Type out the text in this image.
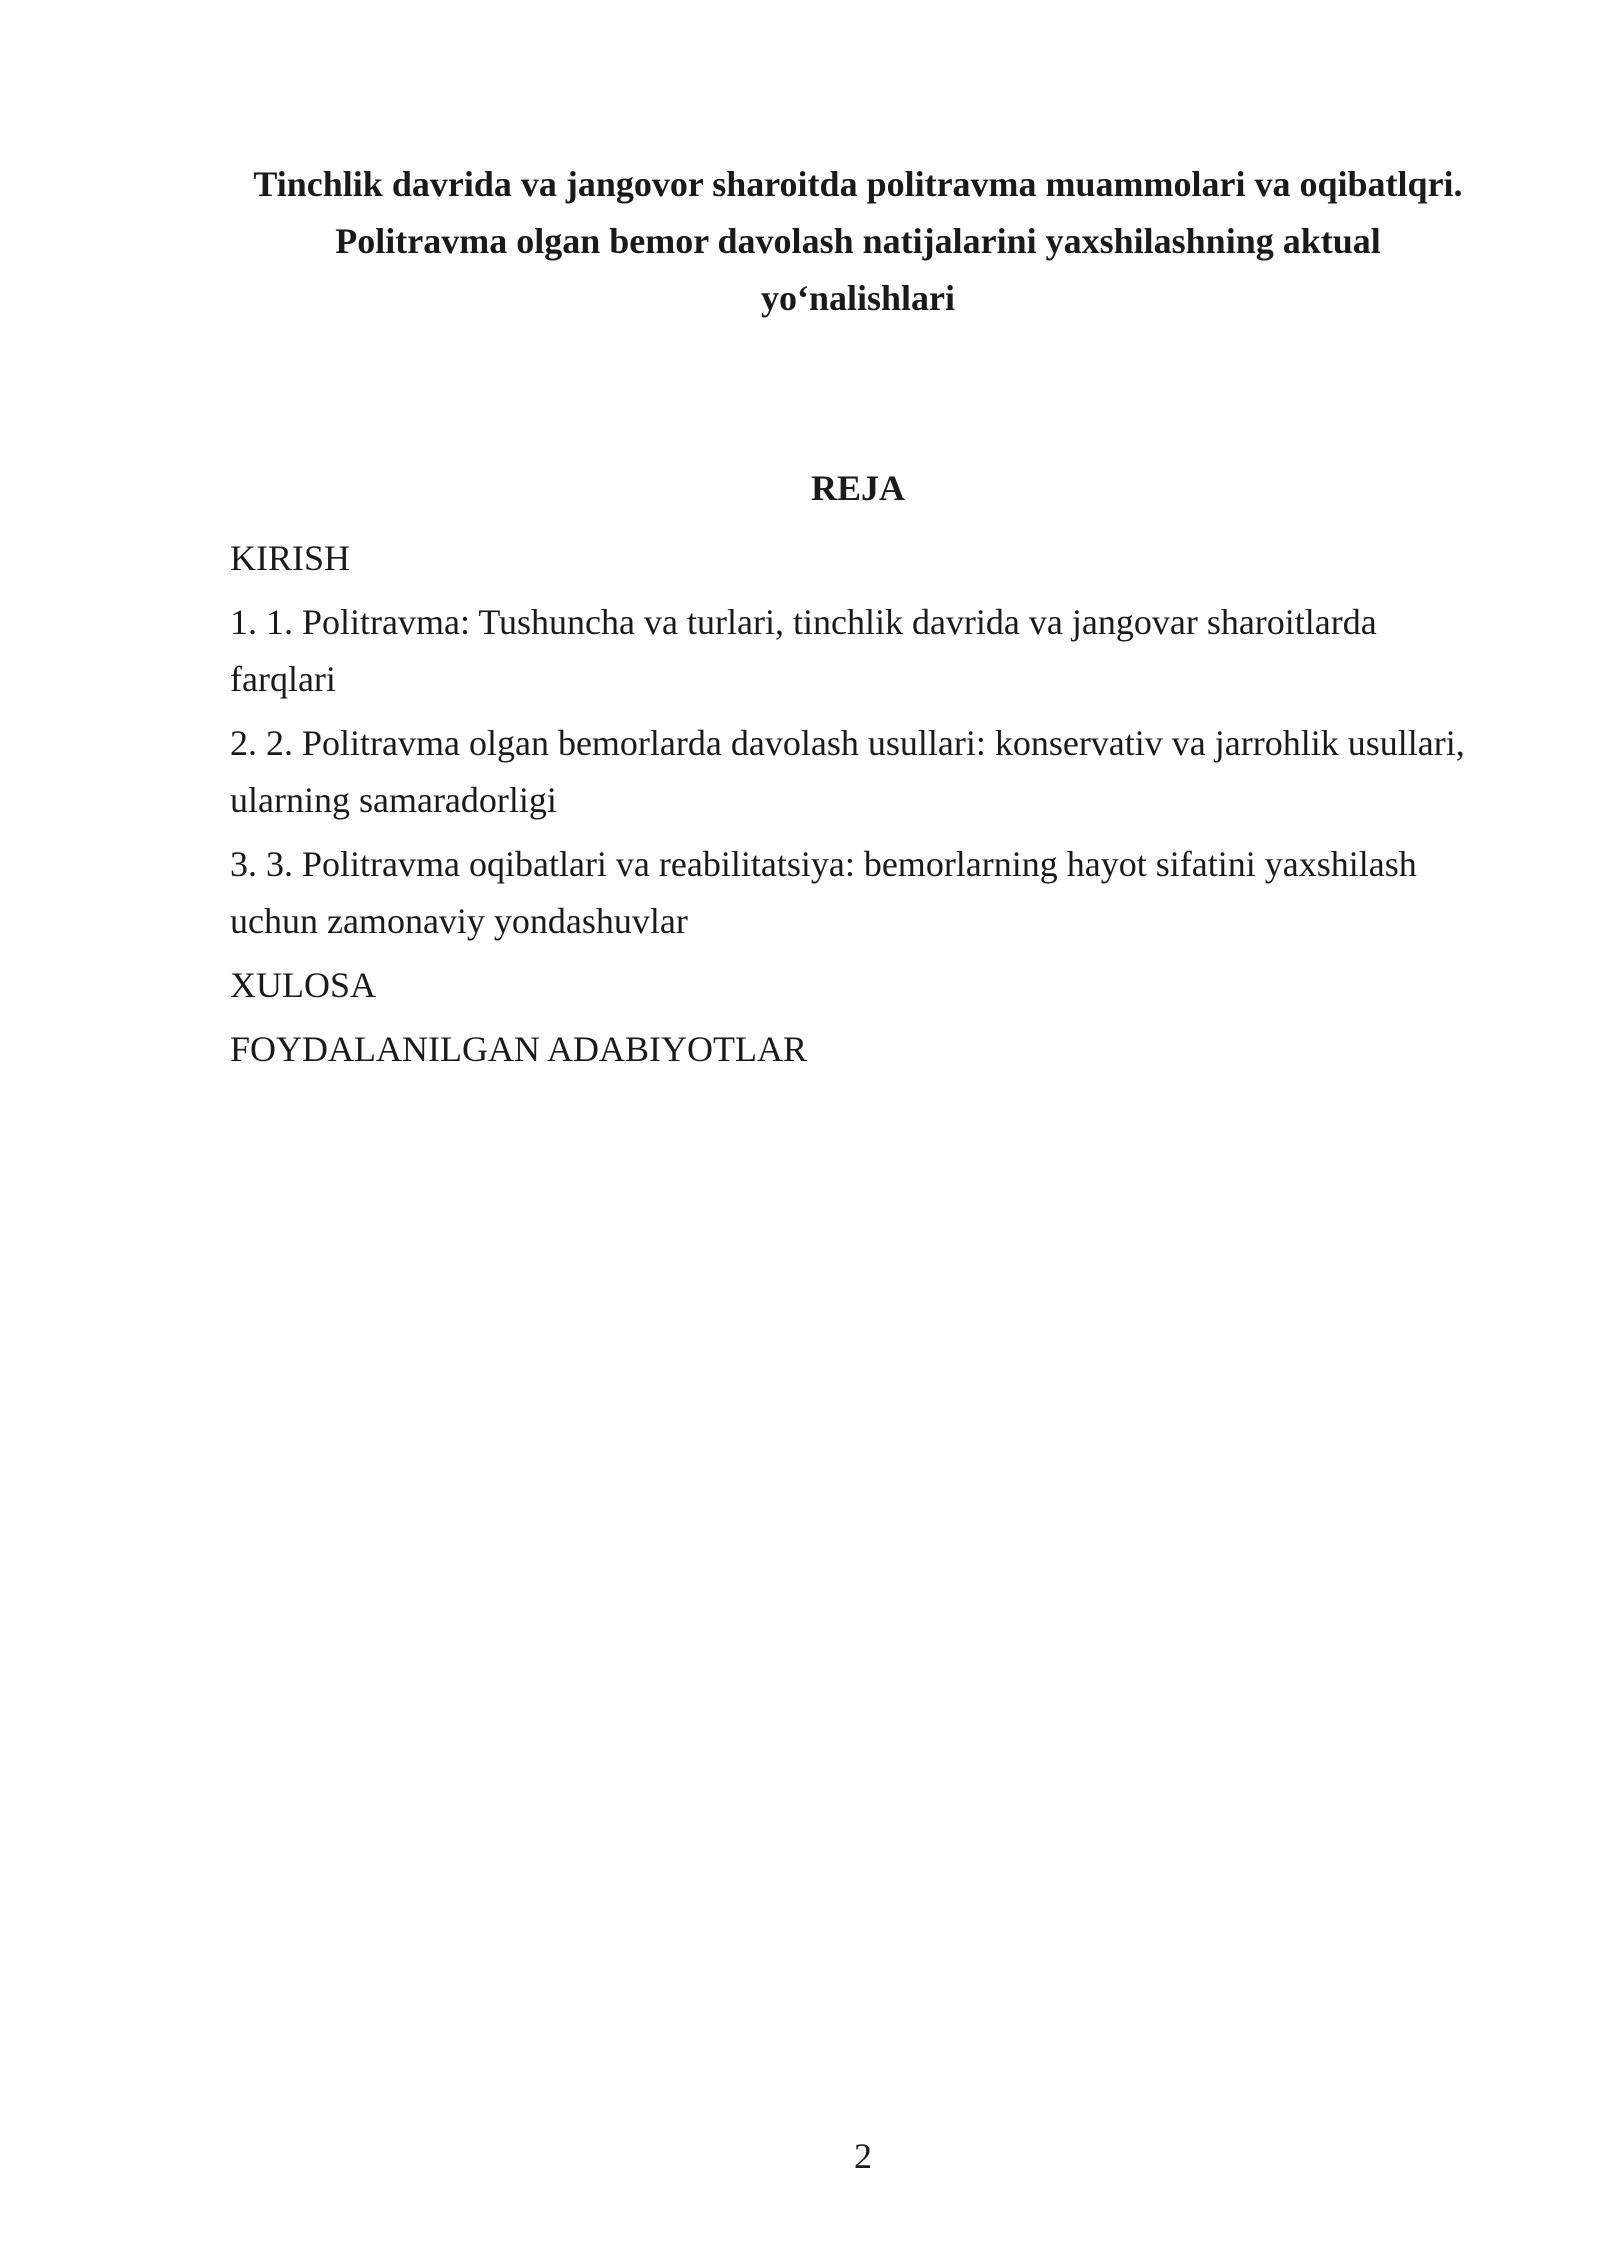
Tinchlik davrida va jangovor sharoitda politravma muammolari va oqibatlqri. Politravma olgan bemor davolash natijalarini yaxshilashning aktual yo‘nalishlari
REJA
KIRISH
1. 1. Politravma: Tushuncha va turlari, tinchlik davrida va jangovar sharoitlarda farqlari
2. 2. Politravma olgan bemorlarda davolash usullari: konservativ va jarrohlik usullari, ularning samaradorligi
3. 3. Politravma oqibatlari va reabilitatsiya: bemorlarning hayot sifatini yaxshilash uchun zamonaviy yondashuvlar
XULOSA
FOYDALANILGAN ADABIYOTLAR
2
